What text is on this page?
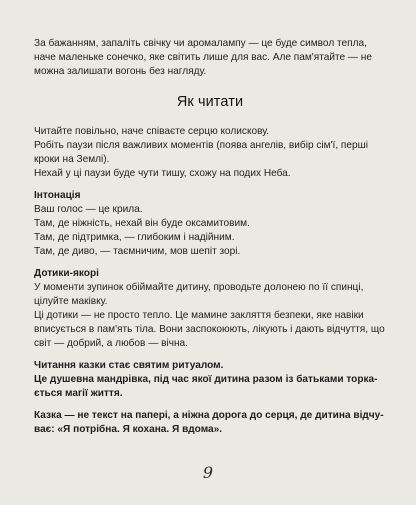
За бажанням, запаліть свічку чи аромалампу — це буде символ тепла,

наче маленьке сонечко, яке світить лише для вас. Але пам'ятайте — не

можна залишати вогонь без нагляду.

Як читати

Читайте повільно, наче співаєте серцю колискову.

Робіть паузи після важливих моментів (поява ангелів, вибір сім'ї, перші

кроки на Землі).

Нехай у ці паузи буде чути тишу, схожу на подих Неба.

Інтонація

Ваш голос — це крила.

Там, де ніжність, нехай він буде оксамитовим.

Там, де підтримка, — глибоким і надійним.

Там, де диво, — таємничим, мов шепіт зорі.

Дотики-якорі

У моменти зупинок обіймайте дитину, проводьте долонею по її спинці,

цілуйте маківку.

Ці дотики — не просто тепло. Це мамине закляття безпеки, яке навіки

вписується в пам'ять тіла. Вони заспокоюють, лікують і дають відчуття, що

світ — добрий, а любов — вічна.

Читання казки стає святим ритуалом.

Це душевна мандрівка, під час якої дитина разом із батьками торка-

ється магії життя.

Казка — не текст на папері, а ніжна дорога до серця, де дитина відчу-

ває: «Я потрібна. Я кохана. Я вдома».

9
